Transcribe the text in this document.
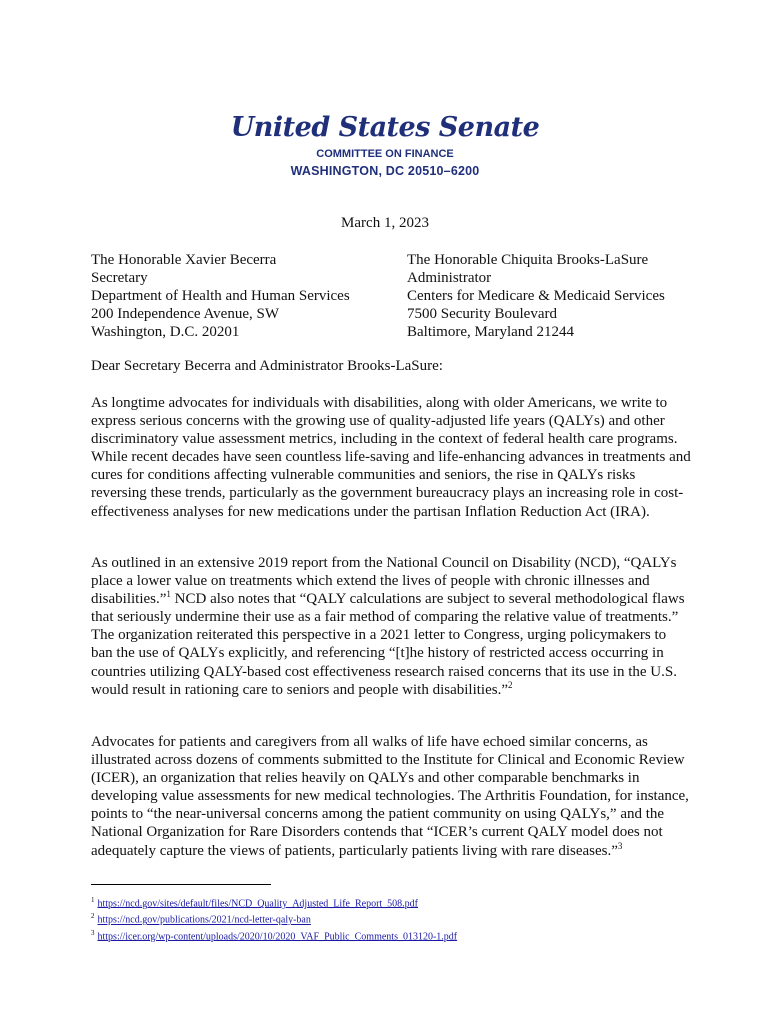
United States Senate
COMMITTEE ON FINANCE
WASHINGTON, DC 20510–6200
March 1, 2023
The Honorable Xavier Becerra
Secretary
Department of Health and Human Services
200 Independence Avenue, SW
Washington, D.C. 20201
The Honorable Chiquita Brooks-LaSure
Administrator
Centers for Medicare & Medicaid Services
7500 Security Boulevard
Baltimore, Maryland 21244
Dear Secretary Becerra and Administrator Brooks-LaSure:

As longtime advocates for individuals with disabilities, along with older Americans, we write to express serious concerns with the growing use of quality-adjusted life years (QALYs) and other discriminatory value assessment metrics, including in the context of federal health care programs. While recent decades have seen countless life-saving and life-enhancing advances in treatments and cures for conditions affecting vulnerable communities and seniors, the rise in QALYs risks reversing these trends, particularly as the government bureaucracy plays an increasing role in cost-effectiveness analyses for new medications under the partisan Inflation Reduction Act (IRA).

As outlined in an extensive 2019 report from the National Council on Disability (NCD), “QALYs place a lower value on treatments which extend the lives of people with chronic illnesses and disabilities.”$^1$ NCD also notes that “QALY calculations are subject to several methodological flaws that seriously undermine their use as a fair method of comparing the relative value of treatments.” The organization reiterated this perspective in a 2021 letter to Congress, urging policymakers to ban the use of QALYs explicitly, and referencing “[t]he history of restricted access occurring in countries utilizing QALY-based cost effectiveness research raised concerns that its use in the U.S. would result in rationing care to seniors and people with disabilities.”$^2$

Advocates for patients and caregivers from all walks of life have echoed similar concerns, as illustrated across dozens of comments submitted to the Institute for Clinical and Economic Review (ICER), an organization that relies heavily on QALYs and other comparable benchmarks in developing value assessments for new medical technologies. The Arthritis Foundation, for instance, points to “the near-universal concerns among the patient community on using QALYs,” and the National Organization for Rare Disorders contends that “ICER’s current QALY model does not adequately capture the views of patients, particularly patients living with rare diseases.”$^3$

$^1$ https://ncd.gov/sites/default/files/NCD_Quality_Adjusted_Life_Report_508.pdf
$^2$ https://ncd.gov/publications/2021/ncd-letter-qaly-ban
$^3$ https://icer.org/wp-content/uploads/2020/10/2020_VAF_Public_Comments_013120-1.pdf
